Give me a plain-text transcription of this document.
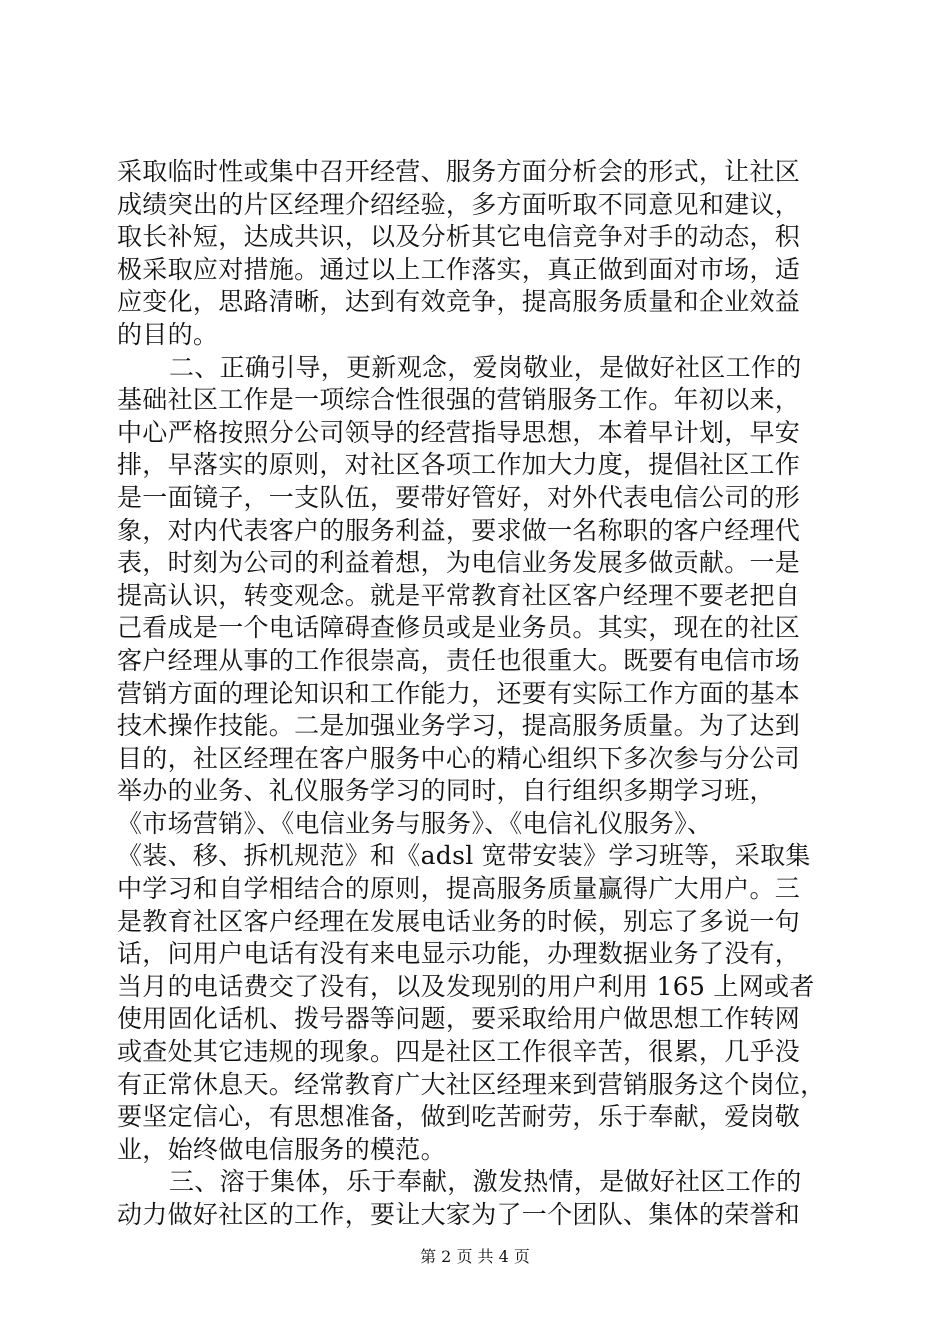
采取临时性或集中召开经营、服务方面分析会的形式，让社区
成绩突出的片区经理介绍经验，多方面听取不同意见和建议，
取长补短，达成共识，以及分析其它电信竞争对手的动态，积
极采取应对措施。通过以上工作落实，真正做到面对市场，适
应变化，思路清晰，达到有效竞争，提高服务质量和企业效益
的目的。
二、正确引导，更新观念，爱岗敬业，是做好社区工作的
基础社区工作是一项综合性很强的营销服务工作。年初以来，
中心严格按照分公司领导的经营指导思想，本着早计划，早安
排，早落实的原则，对社区各项工作加大力度，提倡社区工作
是一面镜子，一支队伍，要带好管好，对外代表电信公司的形
象，对内代表客户的服务利益，要求做一名称职的客户经理代
表，时刻为公司的利益着想，为电信业务发展多做贡献。一是
提高认识，转变观念。就是平常教育社区客户经理不要老把自
己看成是一个电话障碍查修员或是业务员。其实，现在的社区
客户经理从事的工作很崇高，责任也很重大。既要有电信市场
营销方面的理论知识和工作能力，还要有实际工作方面的基本
技术操作技能。二是加强业务学习，提高服务质量。为了达到
目的，社区经理在客户服务中心的精心组织下多次参与分公司
举办的业务、礼仪服务学习的同时，自行组织多期学习班，
《市场营销》、《电信业务与服务》、《电信礼仪服务》、
《装、移、拆机规范》和《adsl 宽带安装》学习班等，采取集
中学习和自学相结合的原则，提高服务质量赢得广大用户。三
是教育社区客户经理在发展电话业务的时候，别忘了多说一句
话，问用户电话有没有来电显示功能，办理数据业务了没有，
当月的电话费交了没有，以及发现别的用户利用 165 上网或者
使用固化话机、拨号器等问题，要采取给用户做思想工作转网
或查处其它违规的现象。四是社区工作很辛苦，很累，几乎没
有正常休息天。经常教育广大社区经理来到营销服务这个岗位，
要坚定信心，有思想准备，做到吃苦耐劳，乐于奉献，爱岗敬
业，始终做电信服务的模范。
三、溶于集体，乐于奉献，激发热情，是做好社区工作的
动力做好社区的工作，要让大家为了一个团队、集体的荣誉和
第 2 页 共 4 页
